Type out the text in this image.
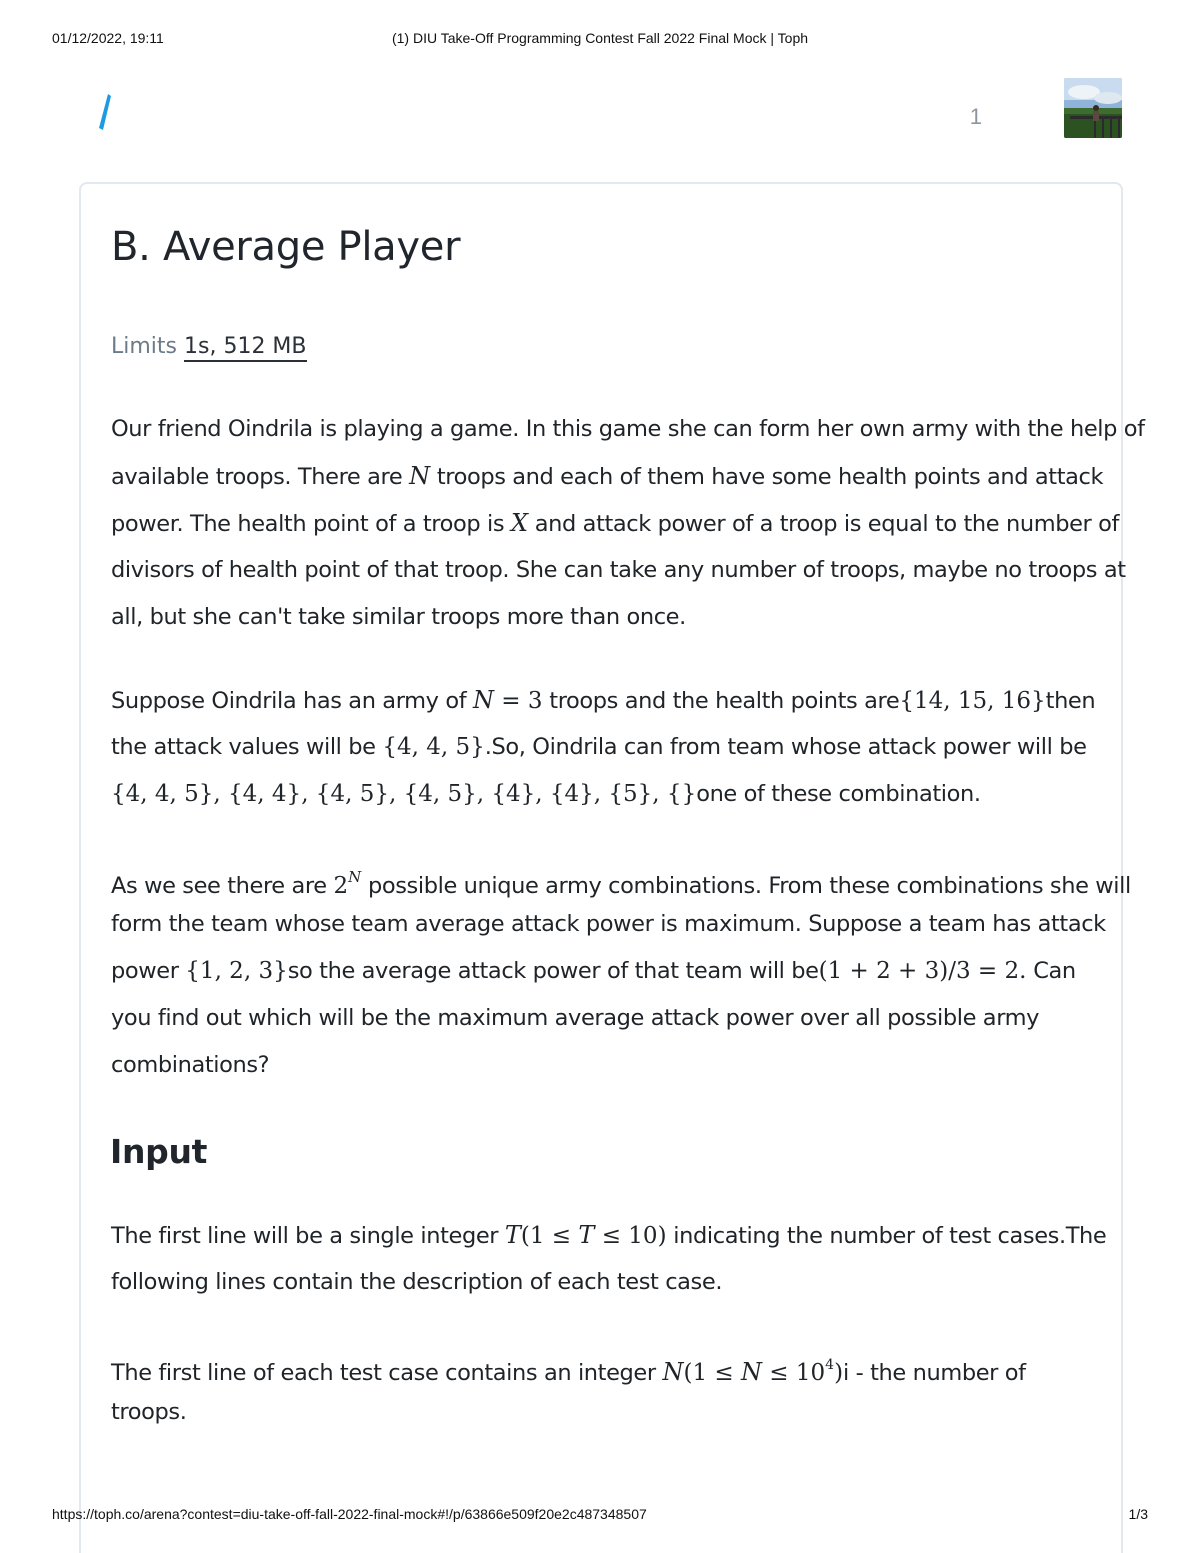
01/12/2022, 19:11	(1) DIU Take-Off Programming Contest Fall 2022 Final Mock | Toph
1
B. Average Player
Limits 1s, 512 MB

Our friend Oindrila is playing a game. In this game she can form her own army with the help of

available troops. There are N troops and each of them have some health points and attack

power. The health point of a troop is X and attack power of a troop is equal to the number of

divisors of health point of that troop. She can take any number of troops, maybe no troops at

all, but she can't take similar troops more than once.

Suppose Oindrila has an army of N = 3 troops and the health points are{14, 15, 16}then

the attack values will be {4, 4, 5}.So, Oindrila can from team whose attack power will be

{4, 4, 5}, {4, 4}, {4, 5}, {4, 5}, {4}, {4}, {5}, {}one of these combination.

As we see there are $2^N$ possible unique army combinations. From these combinations she will

form the team whose team average attack power is maximum. Suppose a team has attack

power {1, 2, 3}so the average attack power of that team will be(1 + 2 + 3)/3 = 2. Can

you find out which will be the maximum average attack power over all possible army

combinations?

Input

The first line will be a single integer T(1 ≤ T ≤ 10) indicating the number of test cases.The

following lines contain the description of each test case.

The first line of each test case contains an integer $N(1 \le N \le 10^4)i$ - the number of

troops.

https://toph.co/arena?contest=diu-take-off-fall-2022-final-mock#!/p/63866e509f20e2c487348507	1/3
